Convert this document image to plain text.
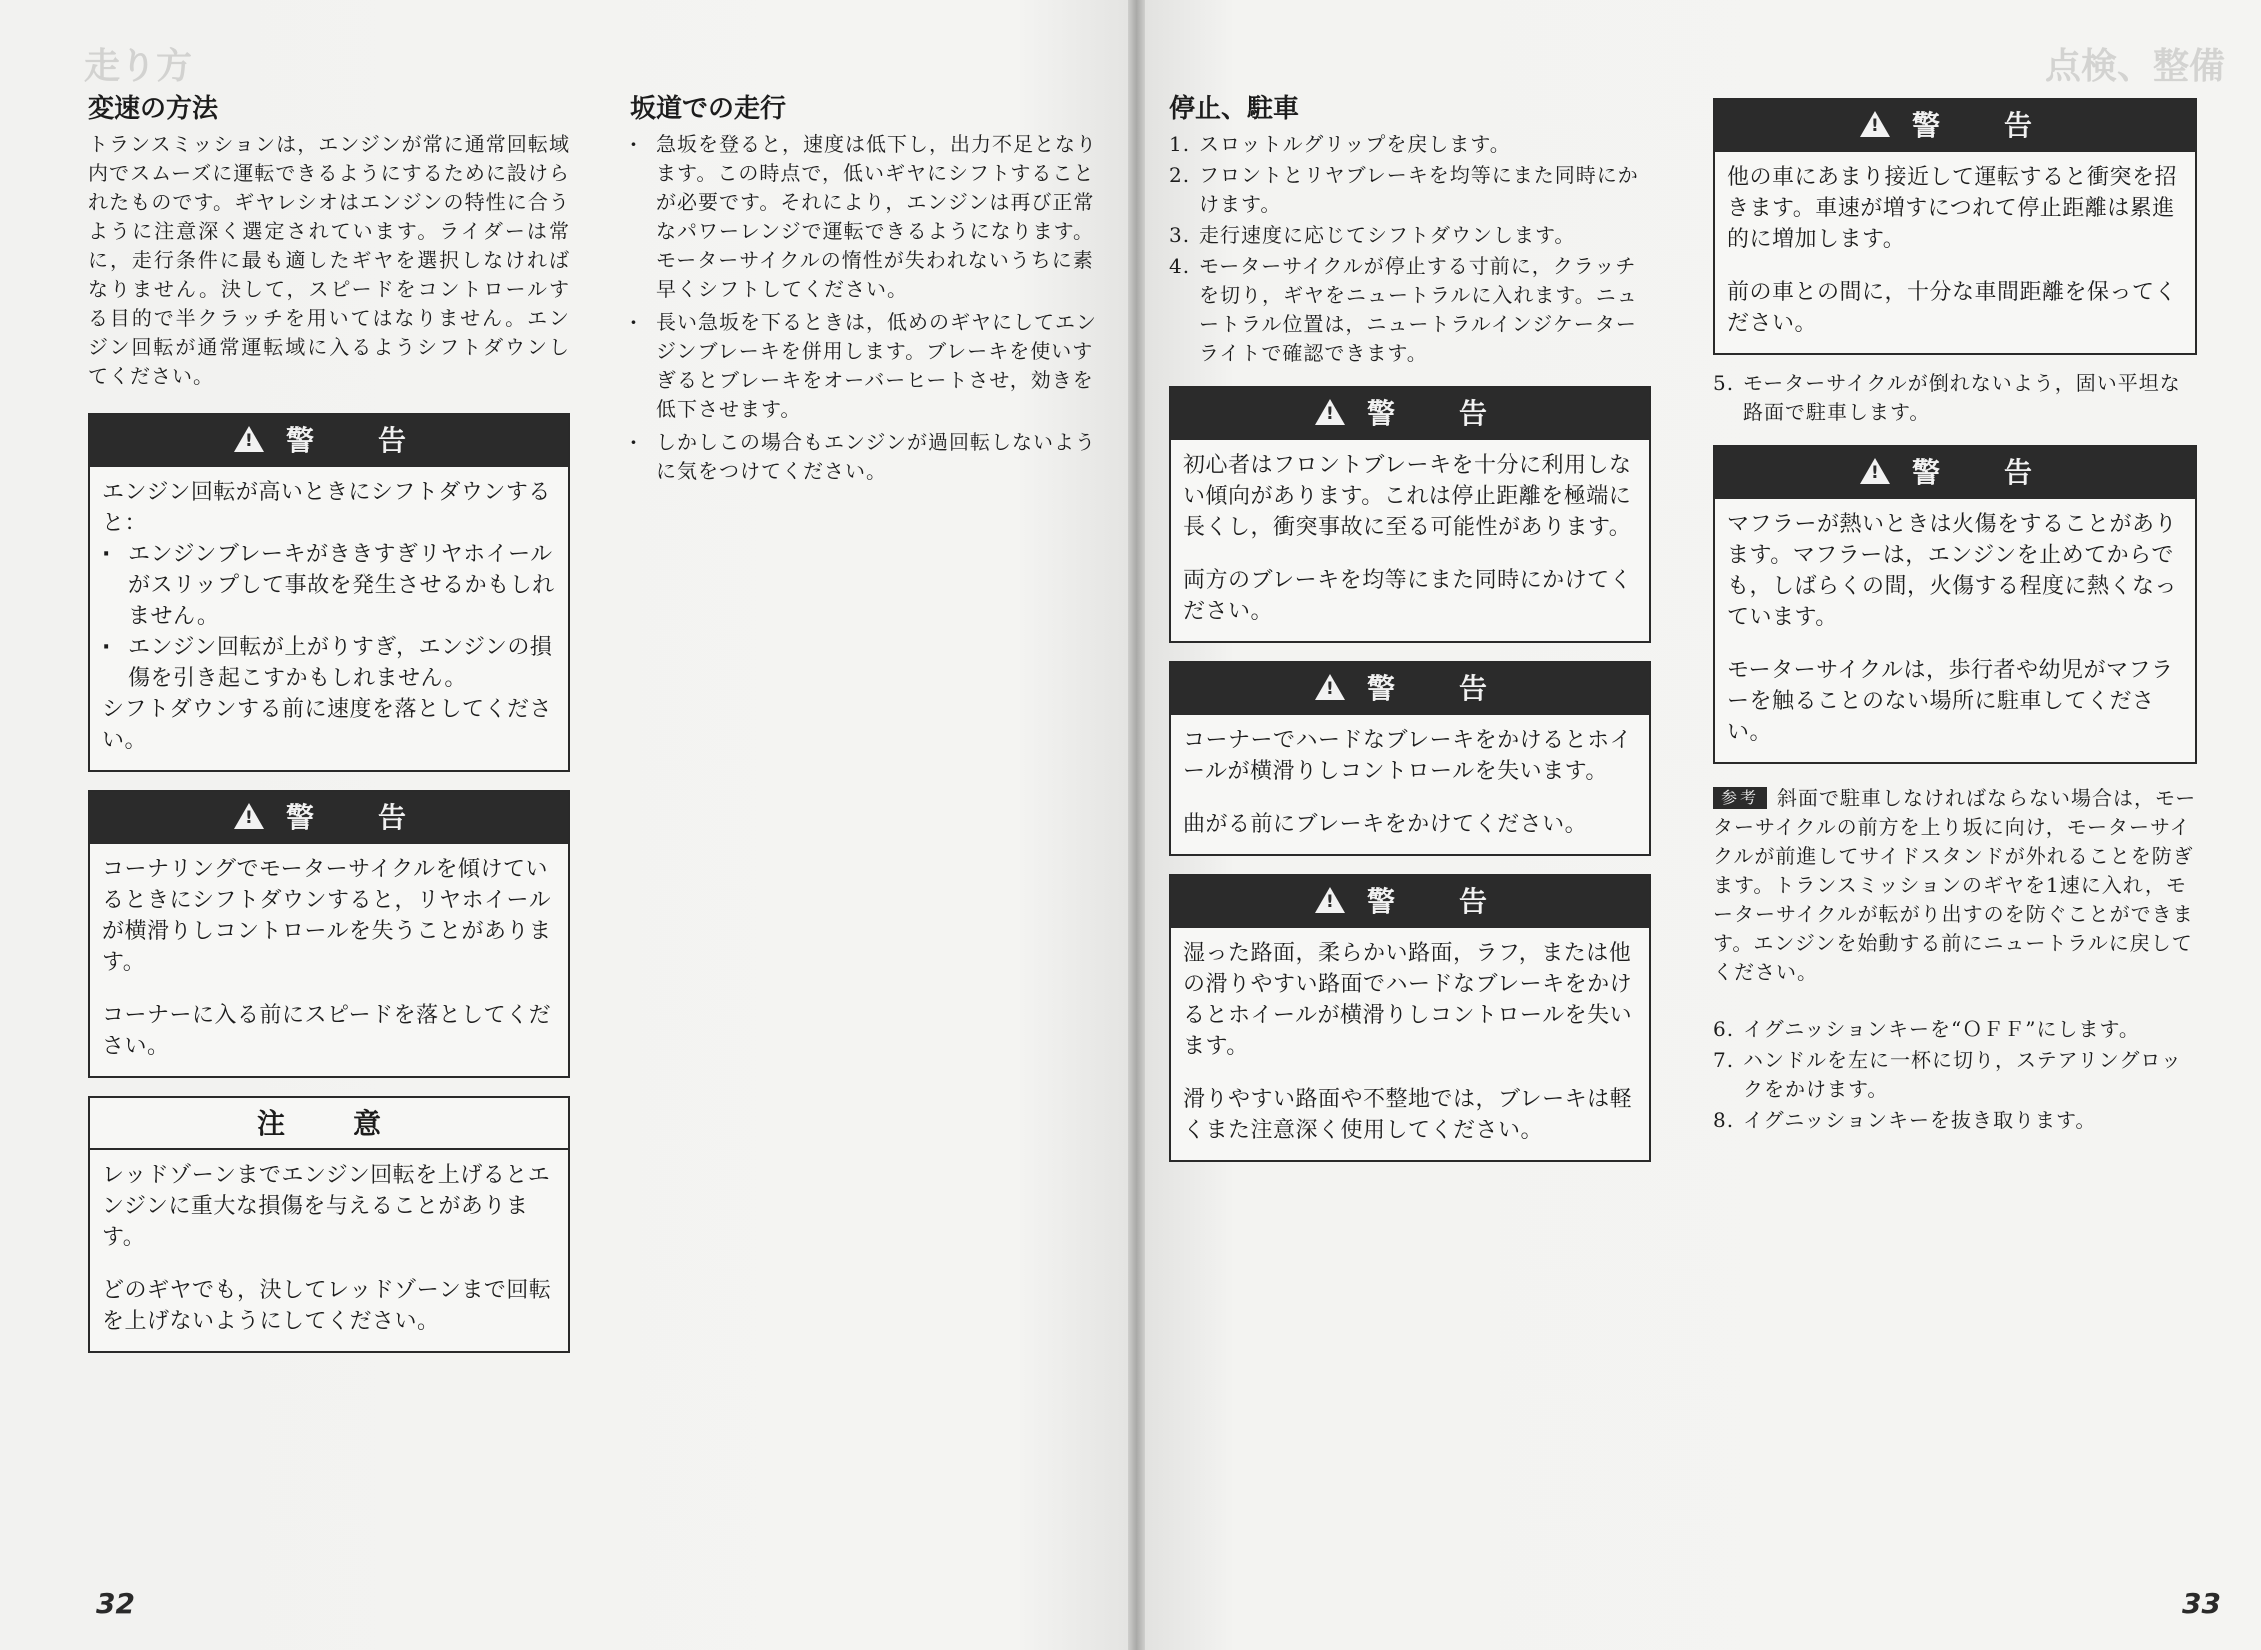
走り方
変速の方法

トランスミッションは，エンジンが常に通常回転域内でスムーズに運転できるようにするために設けられたものです。ギヤレシオはエンジンの特性に合うように注意深く選定されています。ライダーは常に，走行条件に最も適したギヤを選択しなければなりません。決して，スピードをコントロールする目的で半クラッチを用いてはなりません。エンジン回転が通常運転域に入るようシフトダウンしてください。

!警　告

エンジン回転が高いときにシフトダウンすると：

· エンジンブレーキがききすぎリヤホイールがスリップして事故を発生させるかもしれません。
· エンジン回転が上がりすぎ，エンジンの損傷を引き起こすかもしれません。

シフトダウンする前に速度を落としてください。

!警　告

コーナリングでモーターサイクルを傾けているときにシフトダウンすると，リヤホイールが横滑りしコントロールを失うことがあります。

コーナーに入る前にスピードを落としてください。

注　意

レッドゾーンまでエンジン回転を上げるとエンジンに重大な損傷を与えることがあります。

どのギヤでも，決してレッドゾーンまで回転を上げないようにしてください。

坂道での走行
· 急坂を登ると，速度は低下し，出力不足となります。この時点で，低いギヤにシフトすることが必要です。それにより，エンジンは再び正常なパワーレンジで運転できるようになります。モーターサイクルの惰性が失われないうちに素早くシフトしてください。
· 長い急坂を下るときは，低めのギヤにしてエンジンブレーキを併用します。ブレーキを使いすぎるとブレーキをオーバーヒートさせ，効きを低下させます。
· しかしこの場合もエンジンが過回転しないように気をつけてください。
32
点検、整備
停止、駐車
1. スロットルグリップを戻します。
2. フロントとリヤブレーキを均等にまた同時にかけます。
3. 走行速度に応じてシフトダウンします。
4. モーターサイクルが停止する寸前に，クラッチを切り，ギヤをニュートラルに入れます。ニュートラル位置は，ニュートラルインジケーターライトで確認できます。
!警　告

初心者はフロントブレーキを十分に利用しない傾向があります。これは停止距離を極端に長くし，衝突事故に至る可能性があります。

両方のブレーキを均等にまた同時にかけてください。

!警　告

コーナーでハードなブレーキをかけるとホイールが横滑りしコントロールを失います。

曲がる前にブレーキをかけてください。

!警　告

湿った路面，柔らかい路面，ラフ，または他の滑りやすい路面でハードなブレーキをかけるとホイールが横滑りしコントロールを失います。

滑りやすい路面や不整地では，ブレーキは軽くまた注意深く使用してください。

!警　告

他の車にあまり接近して運転すると衝突を招きます。車速が増すにつれて停止距離は累進的に増加します。

前の車との間に，十分な車間距離を保ってください。

5. モーターサイクルが倒れないよう，固い平坦な路面で駐車します。
!警　告

マフラーが熱いときは火傷をすることがあります。マフラーは，エンジンを止めてからでも，しばらくの間，火傷する程度に熱くなっています。

モーターサイクルは，歩行者や幼児がマフラーを触ることのない場所に駐車してください。

参考 斜面で駐車しなければならない場合は，モーターサイクルの前方を上り坂に向け，モーターサイクルが前進してサイドスタンドが外れることを防ぎます。トランスミッションのギヤを1速に入れ，モーターサイクルが転がり出すのを防ぐことができます。エンジンを始動する前にニュートラルに戻してください。

6. イグニッションキーを“ＯＦＦ”にします。
7. ハンドルを左に一杯に切り，ステアリングロックをかけます。
8. イグニッションキーを抜き取ります。
33
